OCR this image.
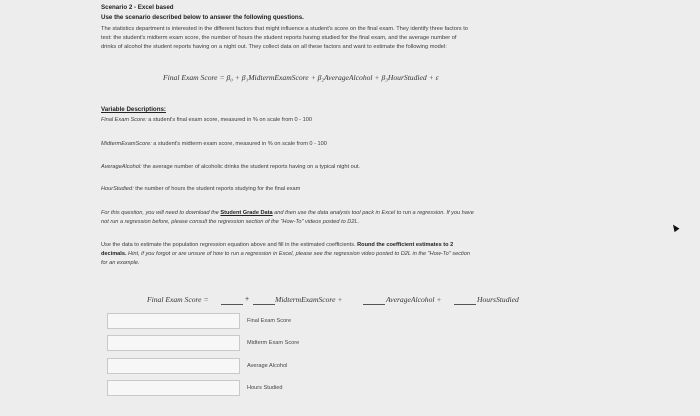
Scenario 2 - Excel based
Use the scenario described below to answer the following questions.
The statistics department is interested in the different factors that might influence a student's score on the final exam. They identify three factors to
test: the student's midterm exam score, the number of hours the student reports having studied for the final exam, and the average number of
drinks of alcohol the student reports having on a night out. They collect data on all these factors and want to estimate the following model:
Final Exam Score = β₀ + β₁MidtermExamScore + β₂AverageAlcohol + β₃HourStudied + ε
Variable Descriptions:
Final Exam Score: a student's final exam score, measured in % on scale from 0 - 100
MidtermExamScore: a student's midterm exam score, measured in % on scale from 0 - 100
AverageAlcohol: the average number of alcoholic drinks the student reports having on a typical night out.
HourStudied: the number of hours the student reports studying for the final exam
For this question, you will need to download the Student Grade Data and then use the data analysis tool pack in Excel to run a regression. If you have
not run a regression before, please consult the regression section of the "How-To" videos posted to D2L.
Use the data to estimate the population regression equation above and fill in the estimated coefficients. Round the coefficient estimates to 2
decimals. Hint, if you forgot or are unsure of how to run a regression in Excel, please see the regression video posted to D2L in the "How-To" section
for an example.
Final Exam Score =	+	MidtermExamScore +	AverageAlcohol +	HoursStudied
Final Exam Score
Midterm Exam Score
Average Alcohol
Hours Studied
